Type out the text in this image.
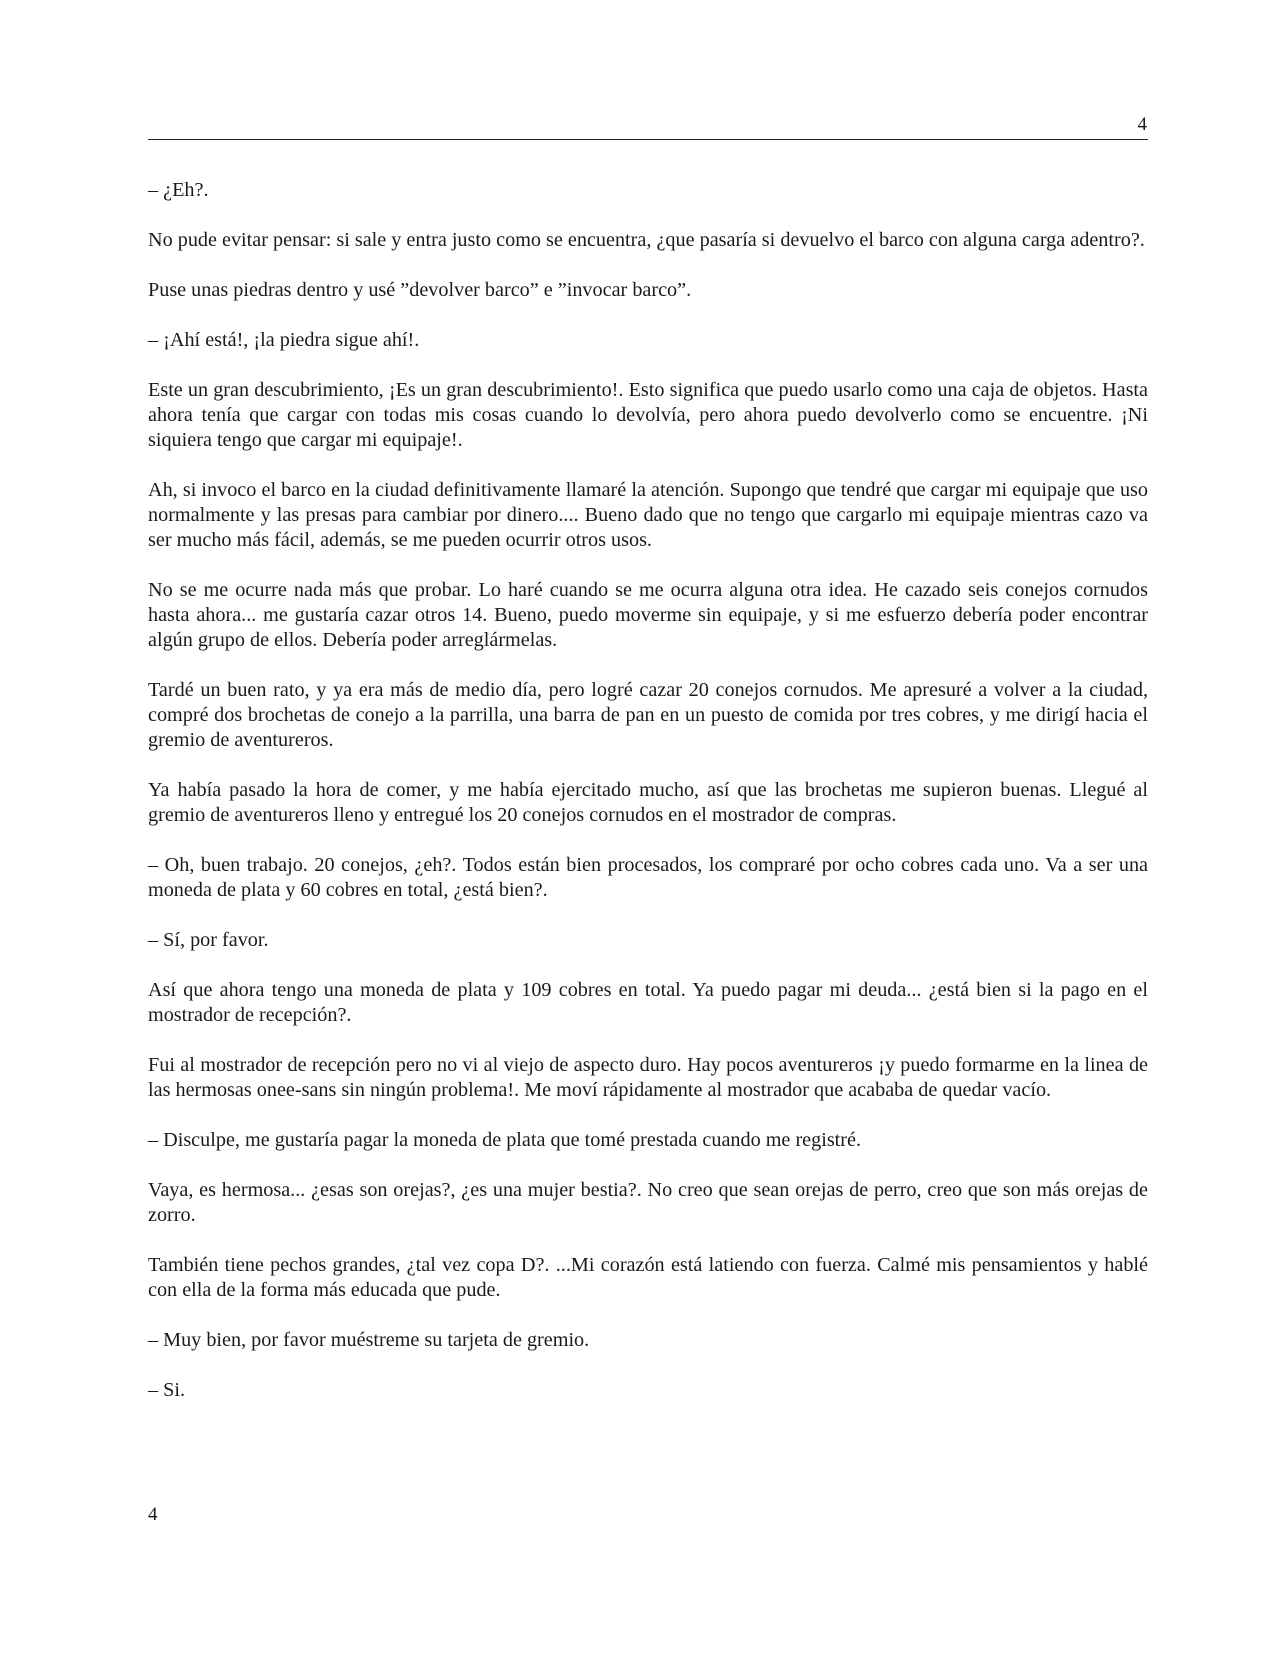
4

– ¿Eh?.

No pude evitar pensar: si sale y entra justo como se encuentra, ¿que pasaría si devuelvo el barco con alguna carga adentro?.

Puse unas piedras dentro y usé ”devolver barco” e ”invocar barco”.

– ¡Ahí está!, ¡la piedra sigue ahí!.

Este un gran descubrimiento, ¡Es un gran descubrimiento!. Esto significa que puedo usarlo como una caja de objetos. Hasta ahora tenía que cargar con todas mis cosas cuando lo devolvía, pero ahora puedo devolverlo como se encuentre. ¡Ni siquiera tengo que cargar mi equipaje!.

Ah, si invoco el barco en la ciudad definitivamente llamaré la atención. Supongo que tendré que cargar mi equipaje que uso normalmente y las presas para cambiar por dinero.... Bueno dado que no tengo que cargarlo mi equipaje mientras cazo va ser mucho más fácil, además, se me pueden ocurrir otros usos.

No se me ocurre nada más que probar. Lo haré cuando se me ocurra alguna otra idea. He cazado seis conejos cornudos hasta ahora... me gustaría cazar otros 14. Bueno, puedo moverme sin equipaje, y si me esfuerzo debería poder encontrar algún grupo de ellos. Debería poder arreglármelas.

Tardé un buen rato, y ya era más de medio día, pero logré cazar 20 conejos cornudos. Me apresuré a volver a la ciudad, compré dos brochetas de conejo a la parrilla, una barra de pan en un puesto de comida por tres cobres, y me dirigí hacia el gremio de aventureros.

Ya había pasado la hora de comer, y me había ejercitado mucho, así que las brochetas me supieron buenas. Llegué al gremio de aventureros lleno y entregué los 20 conejos cornudos en el mostrador de compras.

– Oh, buen trabajo. 20 conejos, ¿eh?. Todos están bien procesados, los compraré por ocho cobres cada uno. Va a ser una moneda de plata y 60 cobres en total, ¿está bien?.

– Sí, por favor.

Así que ahora tengo una moneda de plata y 109 cobres en total. Ya puedo pagar mi deuda... ¿está bien si la pago en el mostrador de recepción?.

Fui al mostrador de recepción pero no vi al viejo de aspecto duro. Hay pocos aventureros ¡y puedo formarme en la linea de las hermosas onee-sans sin ningún problema!. Me moví rápidamente al mostrador que acababa de quedar vacío.

– Disculpe, me gustaría pagar la moneda de plata que tomé prestada cuando me registré.

Vaya, es hermosa... ¿esas son orejas?, ¿es una mujer bestia?. No creo que sean orejas de perro, creo que son más orejas de zorro.

También tiene pechos grandes, ¿tal vez copa D?. ...Mi corazón está latiendo con fuerza. Calmé mis pensamientos y hablé con ella de la forma más educada que pude.

– Muy bien, por favor muéstreme su tarjeta de gremio.

– Si.

4
